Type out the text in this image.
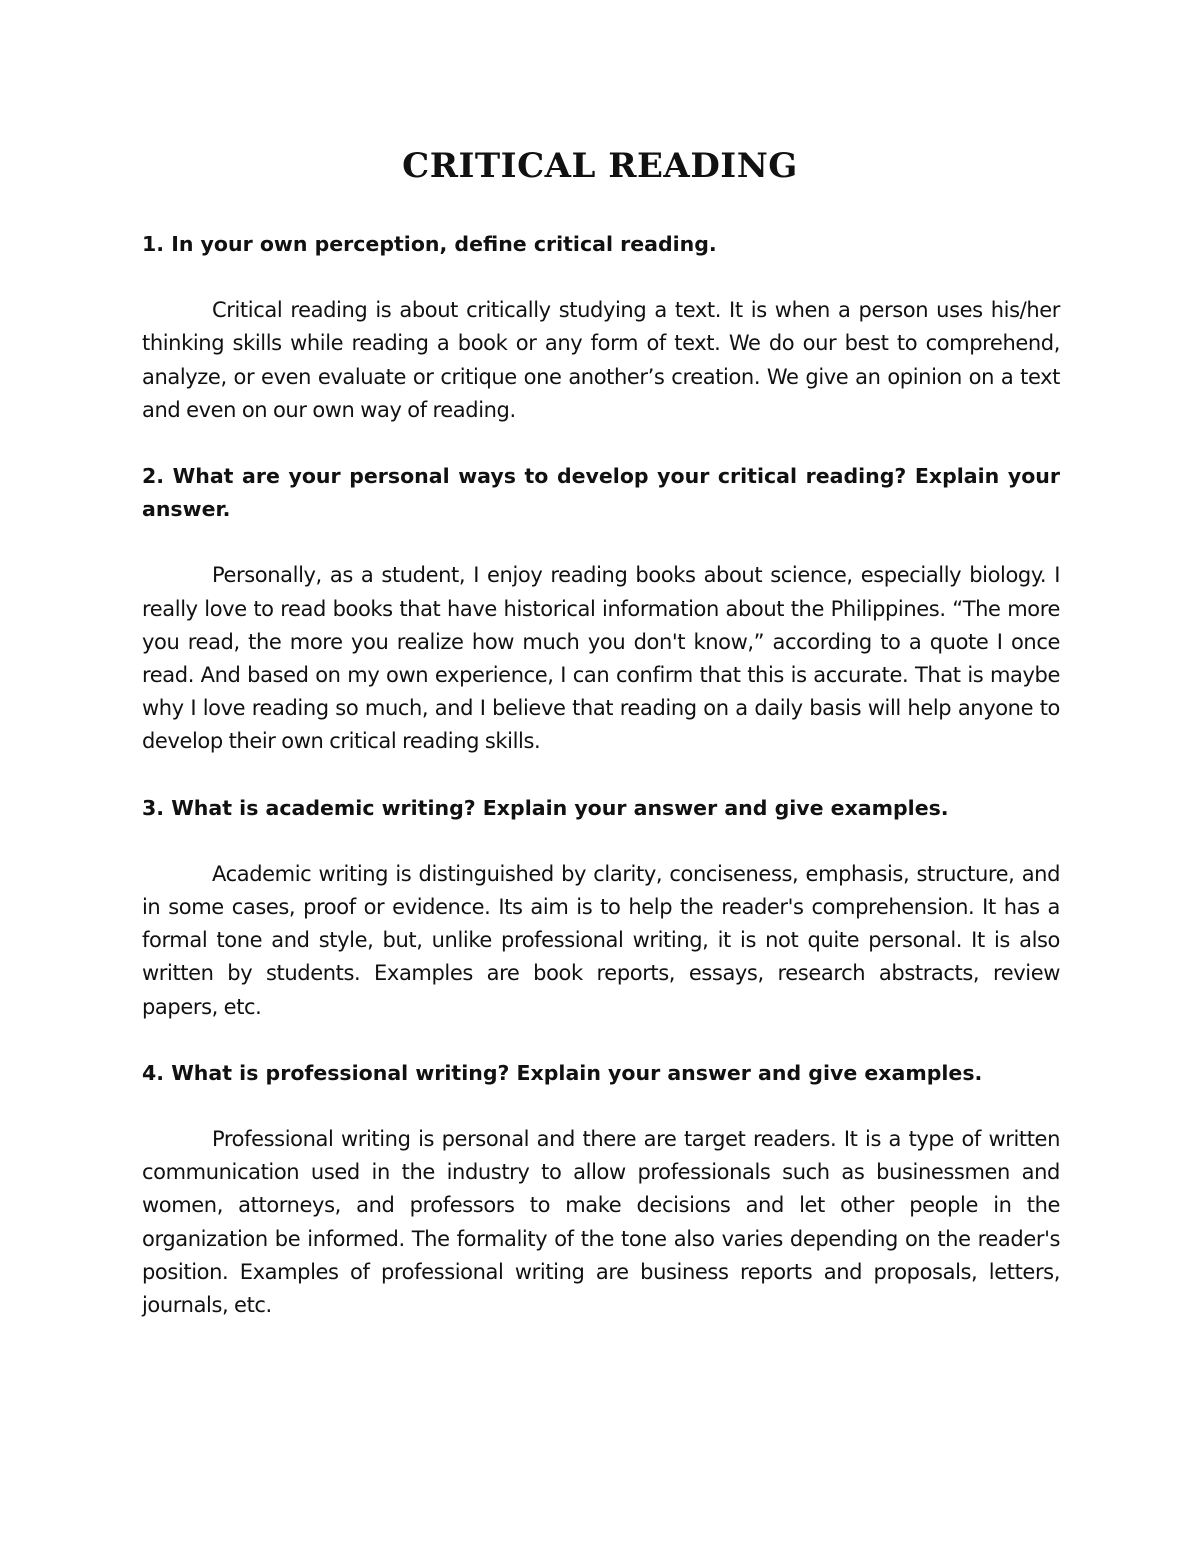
CRITICAL READING

1. In your own perception, define critical reading.

Critical reading is about critically studying a text. It is when a person uses his/her thinking skills while reading a book or any form of text. We do our best to comprehend, analyze, or even evaluate or critique one another’s creation. We give an opinion on a text and even on our own way of reading.

2. What are your personal ways to develop your critical reading? Explain your answer.

Personally, as a student, I enjoy reading books about science, especially biology. I really love to read books that have historical information about the Philippines. “The more you read, the more you realize how much you don't know,” according to a quote I once read. And based on my own experience, I can confirm that this is accurate. That is maybe why I love reading so much, and I believe that reading on a daily basis will help anyone to develop their own critical reading skills.

3. What is academic writing? Explain your answer and give examples.

Academic writing is distinguished by clarity, conciseness, emphasis, structure, and in some cases, proof or evidence. Its aim is to help the reader's comprehension. It has a formal tone and style, but, unlike professional writing, it is not quite personal. It is also written by students. Examples are book reports, essays, research abstracts, review papers, etc.

4. What is professional writing? Explain your answer and give examples.

Professional writing is personal and there are target readers. It is a type of written communication used in the industry to allow professionals such as businessmen and women, attorneys, and professors to make decisions and let other people in the organization be informed. The formality of the tone also varies depending on the reader's position. Examples of professional writing are business reports and proposals, letters, journals, etc.
